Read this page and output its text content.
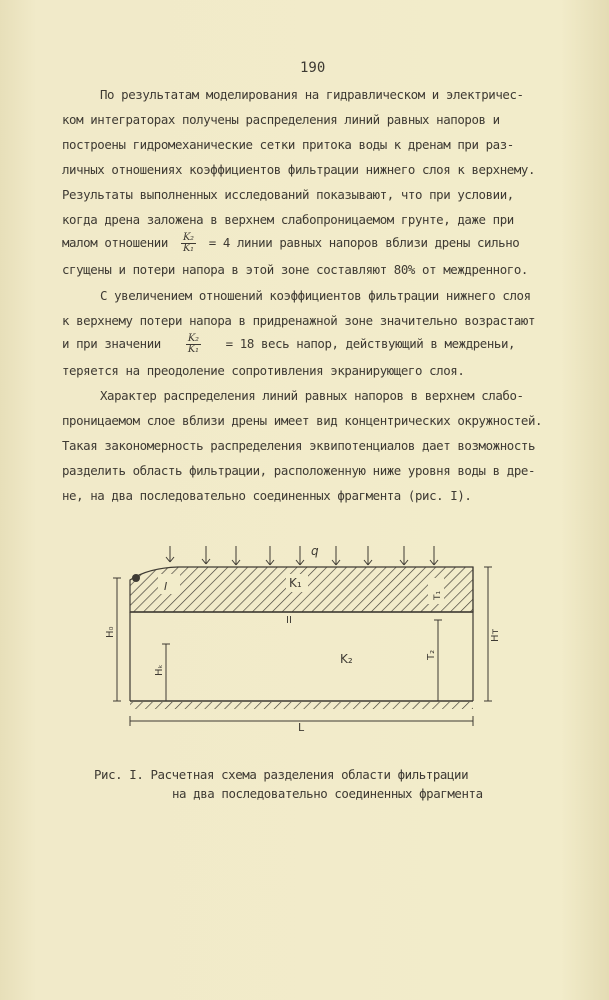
190
По результатам моделирования на гидравлическом и электричес-
ком интеграторах получены распределения линий равных напоров и
построены гидромеханические сетки притока воды к дренам при раз-
личных отношениях коэффициентов фильтрации нижнего слоя к верхнему.
Результаты выполненных исследований показывают, что при условии,
когда дрена заложена в верхнем слабопроницаемом грунте, даже при
малом отношении $\frac{\text{K₂}}{\text{K₁}} = 4$ линии равных напоров вблизи дрены сильно
сгущены и потери напора в этой зоне составляют 80% от междренного.
С увеличением отношений коэффициентов фильтрации нижнего слоя
к верхнему потери напора в придренажной зоне значительно возрастают
и при значении	$\frac{\text{K₂}}{\text{K₁}} = 18$ весь напор, действующий в междреньи,
теряется на преодоление сопротивления экранирующего слоя.
Характер распределения линий равных напоров в верхнем слабо-
проницаемом слое вблизи дрены имеет вид концентрических окружностей.
Такая закономерность распределения эквипотенциалов дает возможность
разделить область фильтрации, расположенную ниже уровня воды в дре-
не, на два последовательно соединенных фрагмента (рис. I).
q
K₁
I
II
K₂
H₀
Hₖ
T₂
Hт
T₁
L
Рис. I. Расчетная схема разделения области фильтрации
на два последовательно соединенных фрагмента
